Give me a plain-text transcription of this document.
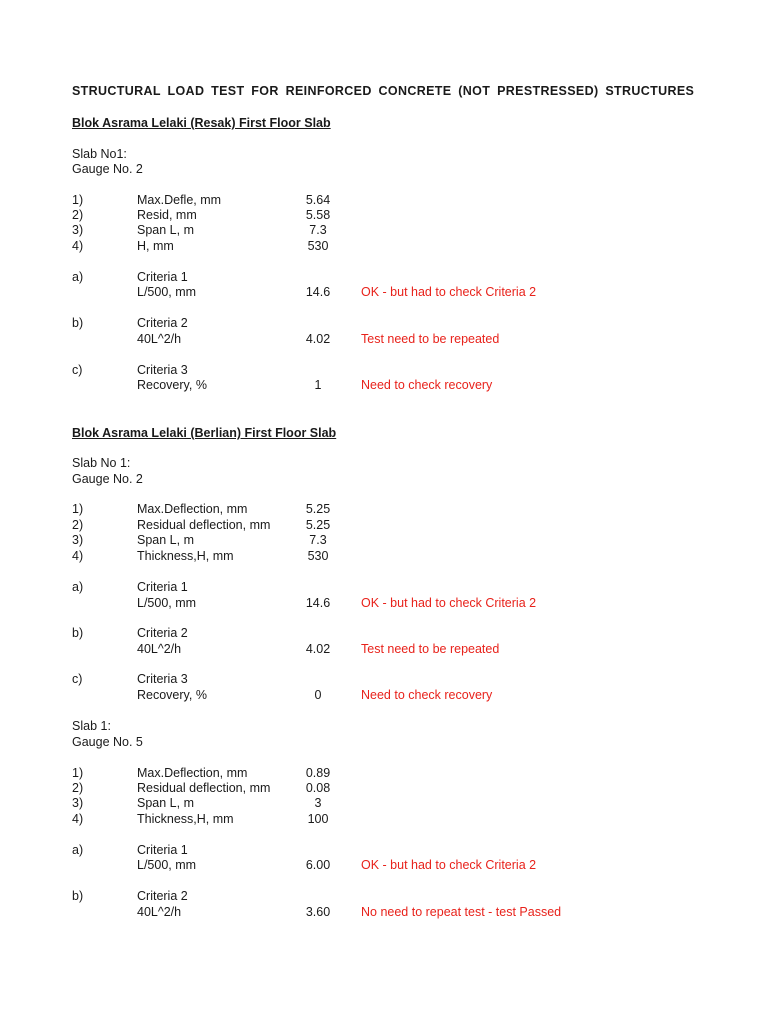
STRUCTURAL LOAD TEST FOR REINFORCED CONCRETE (NOT PRESTRESSED) STRUCTURES
Blok Asrama Lelaki (Resak) First Floor Slab
Slab No1:
Gauge No. 2
1)	Max.Defle, mm	5.64
2)	Resid, mm	5.58
3)	Span L, m	7.3
4)	H, mm	530
a)	Criteria 1
L/500, mm	14.6	OK - but had to check Criteria 2
b)	Criteria 2
40L^2/h	4.02	Test need to be repeated
c)	Criteria 3
Recovery, %	1	Need to check recovery
Blok Asrama Lelaki (Berlian) First Floor Slab
Slab No 1:
Gauge No. 2
1)	Max.Deflection, mm	5.25
2)	Residual deflection, mm	5.25
3)	Span L, m	7.3
4)	Thickness,H, mm	530
a)	Criteria 1
L/500, mm	14.6	OK - but had to check Criteria 2
b)	Criteria 2
40L^2/h	4.02	Test need to be repeated
c)	Criteria 3
Recovery, %	0	Need to check recovery
Slab 1:
Gauge No. 5
1)	Max.Deflection, mm	0.89
2)	Residual deflection, mm	0.08
3)	Span L, m	3
4)	Thickness,H, mm	100
a)	Criteria 1
L/500, mm	6.00	OK - but had to check Criteria 2
b)	Criteria 2
40L^2/h	3.60	No need to repeat test - test Passed
